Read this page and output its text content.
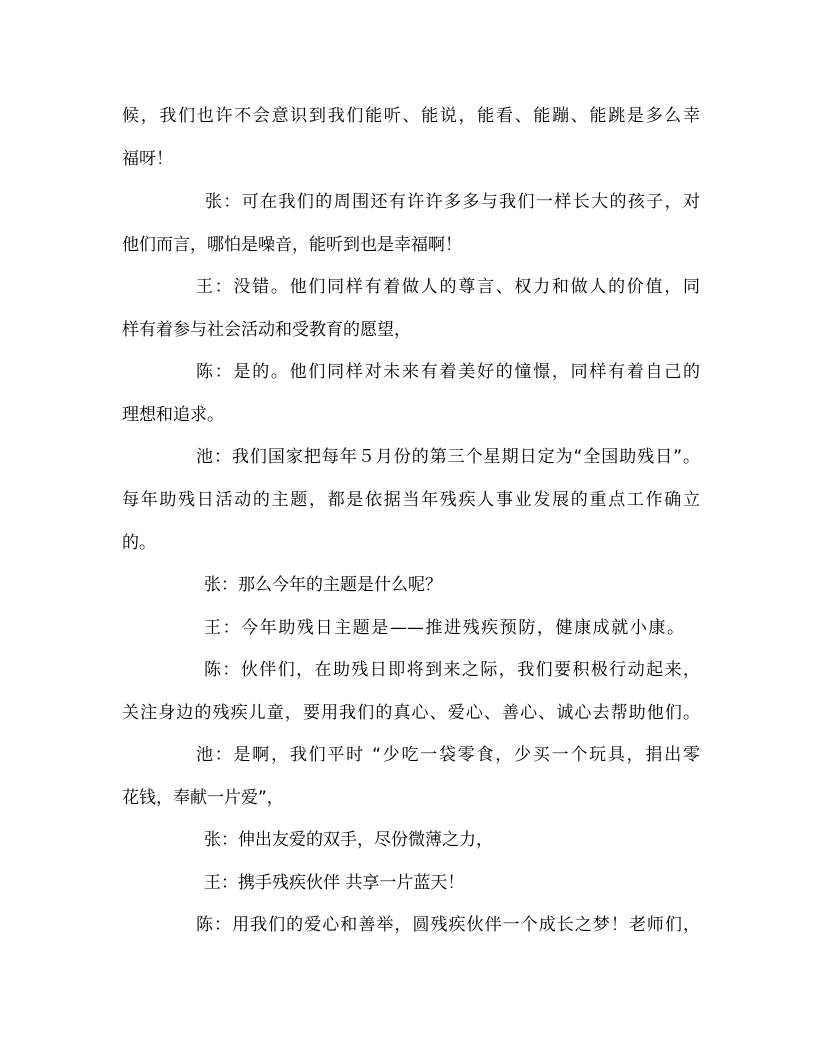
候，我们也许不会意识到我们能听、能说，能看、能蹦、能跳是多么幸
福呀！
张：可在我们的周围还有许许多多与我们一样长大的孩子，对
他们而言，哪怕是噪音，能听到也是幸福啊！
王：没错。他们同样有着做人的尊言、权力和做人的价值，同
样有着参与社会活动和受教育的愿望，
陈：是的。他们同样对未来有着美好的憧憬，同样有着自己的
理想和追求。
池：我们国家把每年５月份的第三个星期日定为“全国助残日”。
每年助残日活动的主题，都是依据当年残疾人事业发展的重点工作确立
的。
张：那么今年的主题是什么呢？
王：今年助残日主题是——推进残疾预防，健康成就小康。
陈：伙伴们，在助残日即将到来之际，我们要积极行动起来，
关注身边的残疾儿童，要用我们的真心、爱心、善心、诚心去帮助他们。
池：是啊，我们平时 “少吃一袋零食，少买一个玩具，捐出零
花钱，奉献一片爱”，
张：伸出友爱的双手，尽份微薄之力，
王：携手残疾伙伴 共享一片蓝天！
陈：用我们的爱心和善举，圆残疾伙伴一个成长之梦！老师们，
